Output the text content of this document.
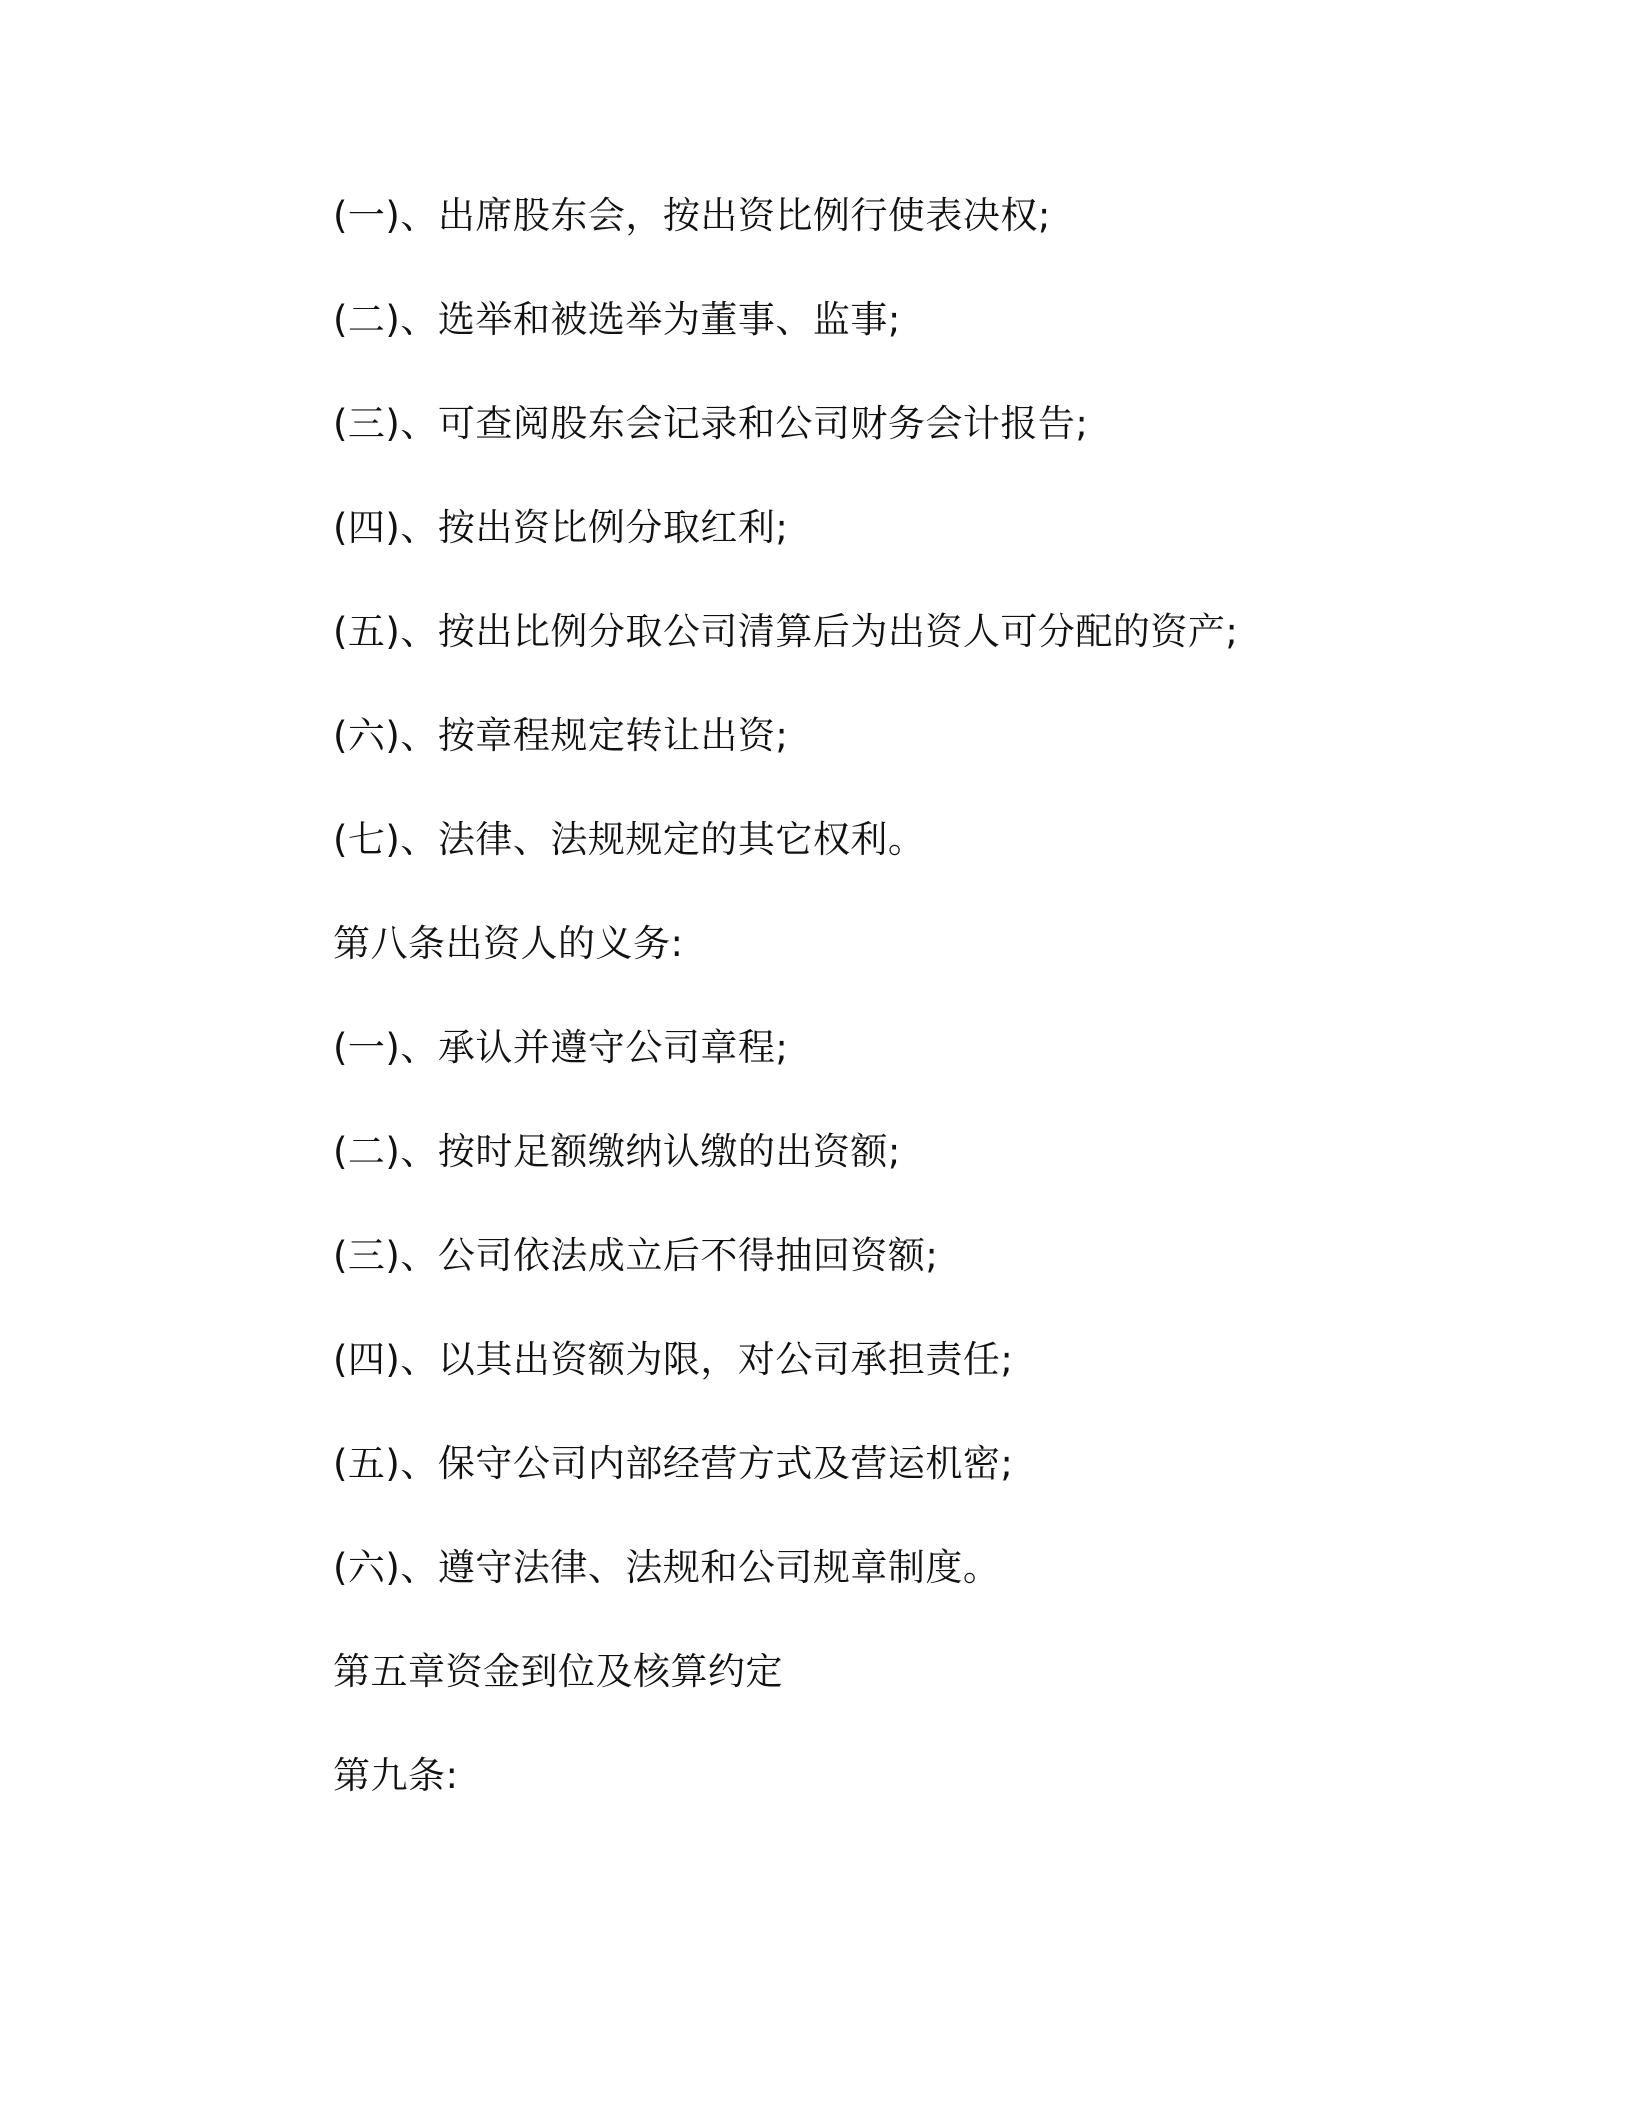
(一)、出席股东会，按出资比例行使表决权;

(二)、选举和被选举为董事、监事;

(三)、可查阅股东会记录和公司财务会计报告;

(四)、按出资比例分取红利;

(五)、按出比例分取公司清算后为出资人可分配的资产;

(六)、按章程规定转让出资;

(七)、法律、法规规定的其它权利。

第八条出资人的义务:

(一)、承认并遵守公司章程;

(二)、按时足额缴纳认缴的出资额;

(三)、公司依法成立后不得抽回资额;

(四)、以其出资额为限，对公司承担责任;

(五)、保守公司内部经营方式及营运机密;

(六)、遵守法律、法规和公司规章制度。

第五章资金到位及核算约定

第九条:
